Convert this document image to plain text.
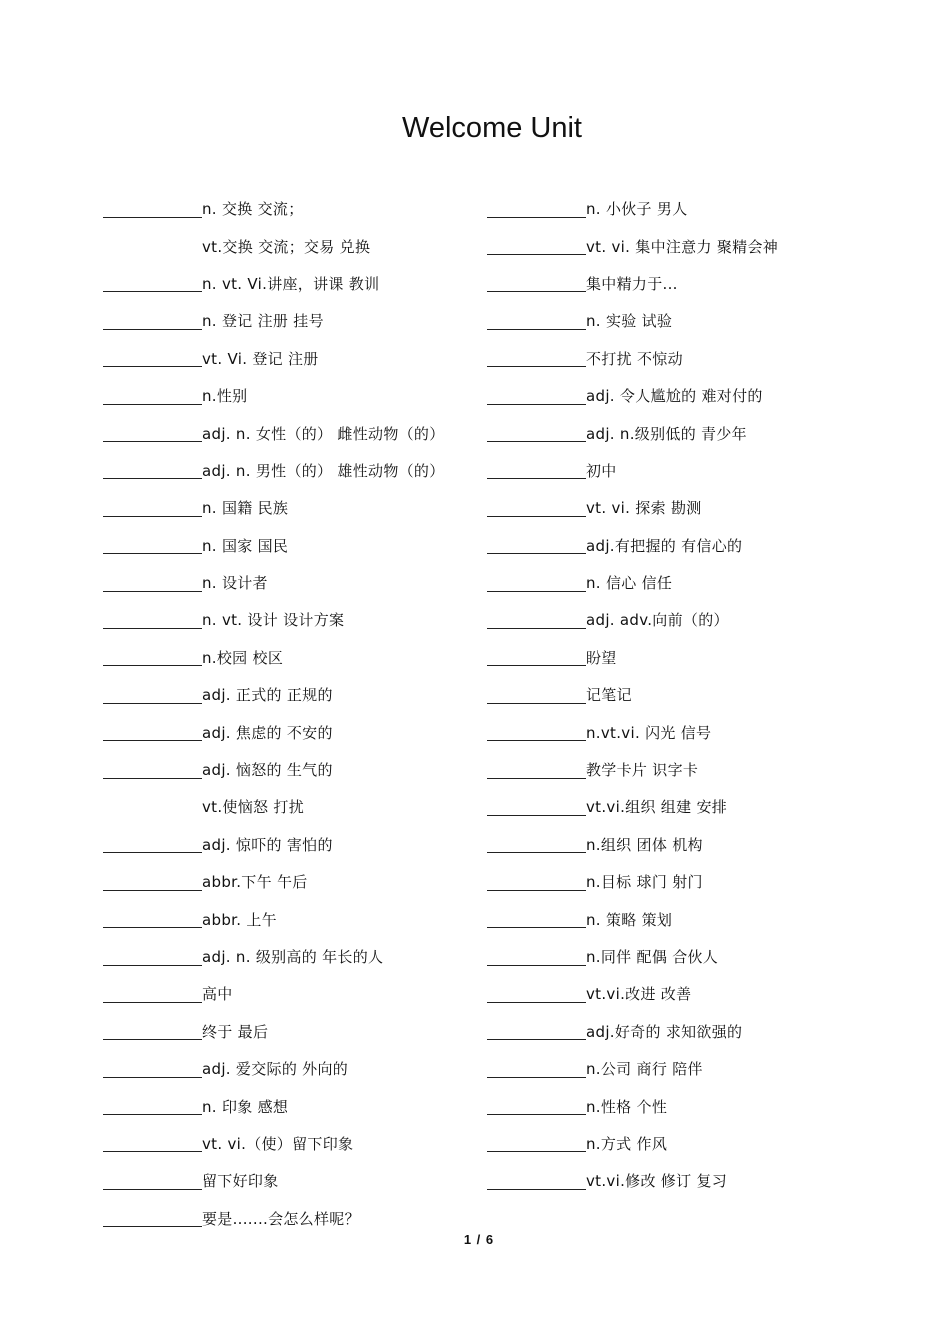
Welcome Unit
n. 交换 交流；
vt.交换 交流；交易 兑换
n. vt. Vi.讲座，讲课 教训
n. 登记 注册 挂号
vt. Vi. 登记 注册
n.性别
adj. n. 女性（的） 雌性动物（的）
adj. n. 男性（的） 雄性动物（的）
n. 国籍 民族
n. 国家 国民
n. 设计者
n. vt. 设计 设计方案
n.校园 校区
adj. 正式的 正规的
adj. 焦虑的 不安的
adj. 恼怒的 生气的
vt.使恼怒 打扰
adj. 惊吓的 害怕的
abbr.下午 午后
abbr. 上午
adj. n. 级别高的 年长的人
高中
终于 最后
adj. 爱交际的 外向的
n. 印象 感想
vt. vi.（使）留下印象
留下好印象
要是.......会怎么样呢？
n. 小伙子 男人
vt. vi. 集中注意力 聚精会神
集中精力于...
n. 实验 试验
不打扰 不惊动
adj. 令人尴尬的 难对付的
adj. n.级别低的 青少年
初中
vt. vi. 探索 勘测
adj.有把握的 有信心的
n. 信心 信任
adj. adv.向前（的）
盼望
记笔记
n.vt.vi. 闪光 信号
教学卡片 识字卡
vt.vi.组织 组建 安排
n.组织 团体 机构
n.目标 球门 射门
n. 策略 策划
n.同伴 配偶 合伙人
vt.vi.改进 改善
adj.好奇的 求知欲强的
n.公司 商行 陪伴
n.性格 个性
n.方式 作风
vt.vi.修改 修订 复习
1 / 6
